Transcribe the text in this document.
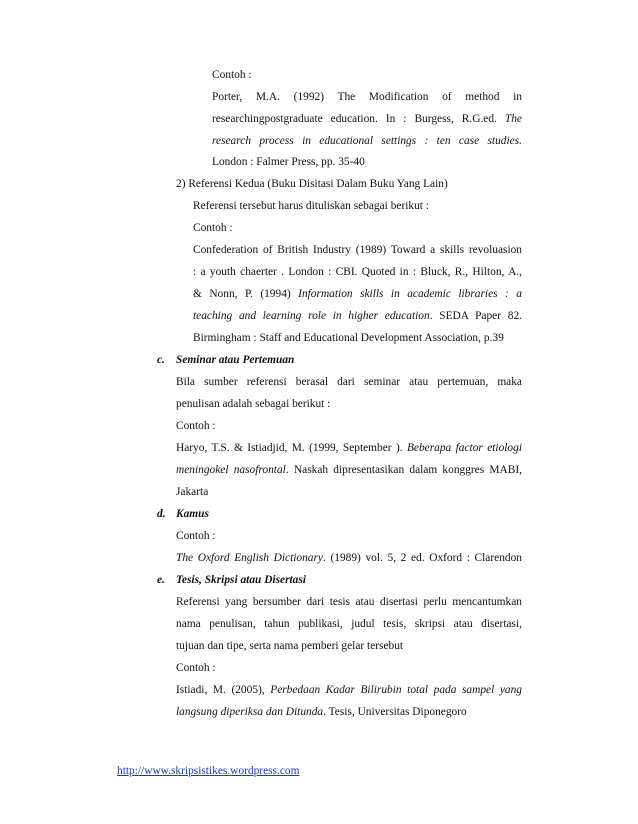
Contoh :
Porter, M.A. (1992) The Modification of method in
researchingpostgraduate education. In : Burgess, R.G.ed. The
research process in educational settings : ten case studies.
London : Falmer Press, pp. 35-40
2) Referensi Kedua (Buku Disitasi Dalam Buku Yang Lain)
Referensi tersebut harus dituliskan sebagai berikut :
Contoh :
Confederation of British Industry (1989) Toward a skills revoluasion
: a youth chaerter . London : CBI. Quoted in : Bluck, R., Hilton, A.,
& Nonn, P. (1994) Information skills in academic libraries : a
teaching and learning role in higher education. SEDA Paper 82.
Birmingham : Staff and Educational Development Association, p.39
c. Seminar atau Pertemuan
Bila sumber referensi berasal dari seminar atau pertemuan, maka
penulisan adalah sebagai berikut :
Contoh :
Haryo, T.S. & Istiadjid, M. (1999, September ). Beberapa factor etiologi
meningokel nasofrontal. Naskah dipresentasikan dalam konggres MABI,
Jakarta
d. Kamus
Contoh :
The Oxford English Dictionary. (1989) vol. 5, 2 ed. Oxford : Clarendon
e. Tesis, Skripsi atau Disertasi
Referensi yang bersumber dari tesis atau disertasi perlu mencantumkan
nama penulisan, tahun publikasi, judul tesis, skripsi atau disertasi,
tujuan dan tipe, serta nama pemberi gelar tersebut
Contoh :
Istiadi, M. (2005), Perbedaan Kadar Bilirubin total pada sampel yang
langsung diperiksa dan Ditunda. Tesis, Universitas Diponegoro
http://www.skripsistikes.wordpress.com
